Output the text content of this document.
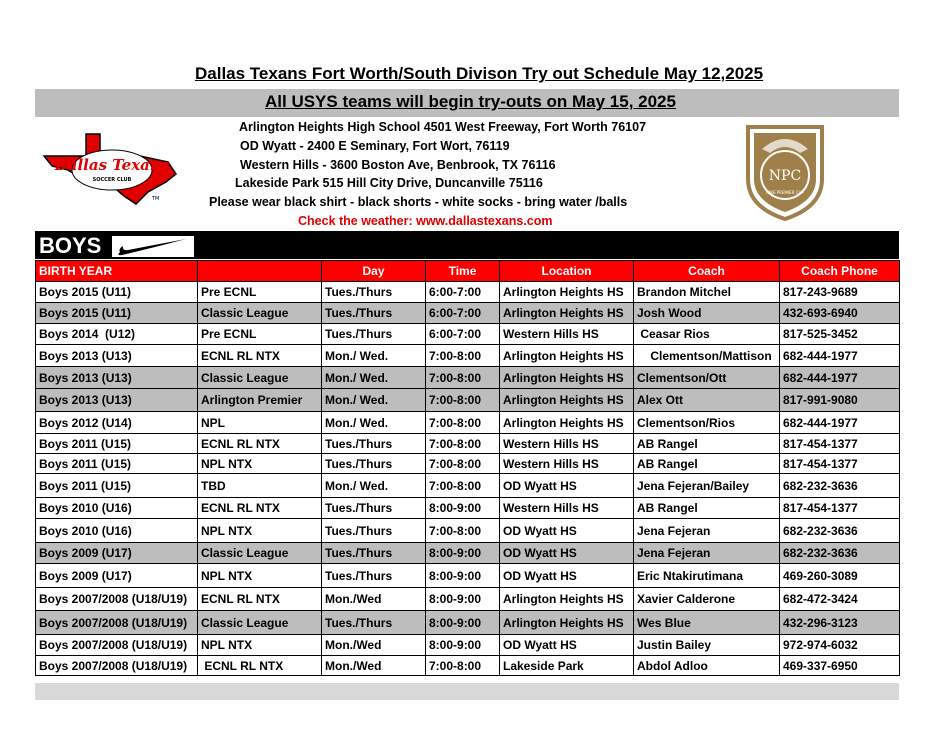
Dallas Texans Fort Worth/South Divison Try out Schedule May 12,2025
All USYS teams will begin try-outs on May 15, 2025
Dallas Texans
SOCCER CLUB
TM
NPC
NIKE PREMIER CUP
Arlington Heights High School 4501 West Freeway, Fort Worth 76107
OD Wyatt - 2400 E Seminary, Fort Wort, 76119
Western Hills - 3600 Boston Ave, Benbrook, TX 76116
Lakeside Park 515 Hill City Drive, Duncanville 75116
Please wear black shirt - black shorts - white socks - bring water /balls
Check the weather: www.dallastexans.com
BOYS
BIRTH YEAR		Day	Time	Location	Coach	Coach Phone
Boys 2015 (U11)	Pre ECNL	Tues./Thurs	6:00-7:00	Arlington Heights HS	Brandon Mitchel	817-243-9689
Boys 2015 (U11)	Classic League	Tues./Thurs	6:00-7:00	Arlington Heights HS	Josh Wood	432-693-6940
Boys 2014  (U12)	Pre ECNL	Tues./Thurs	6:00-7:00	Western Hills HS	Ceasar Rios	817-525-3452
Boys 2013 (U13)	ECNL RL NTX	Mon./ Wed.	7:00-8:00	Arlington Heights HS	Clementson/Mattison	682-444-1977
Boys 2013 (U13)	Classic League	Mon./ Wed.	7:00-8:00	Arlington Heights HS	Clementson/Ott	682-444-1977
Boys 2013 (U13)	Arlington Premier	Mon./ Wed.	7:00-8:00	Arlington Heights HS	Alex Ott	817-991-9080
Boys 2012 (U14)	NPL	Mon./ Wed.	7:00-8:00	Arlington Heights HS	Clementson/Rios	682-444-1977
Boys 2011 (U15)	ECNL RL NTX	Tues./Thurs	7:00-8:00	Western Hills HS	AB Rangel	817-454-1377
Boys 2011 (U15)	NPL NTX	Tues./Thurs	7:00-8:00	Western Hills HS	AB Rangel	817-454-1377
Boys 2011 (U15)	TBD	Mon./ Wed.	7:00-8:00	OD Wyatt HS	Jena Fejeran/Bailey	682-232-3636
Boys 2010 (U16)	ECNL RL NTX	Tues./Thurs	8:00-9:00	Western Hills HS	AB Rangel	817-454-1377
Boys 2010 (U16)	NPL NTX	Tues./Thurs	7:00-8:00	OD Wyatt HS	Jena Fejeran	682-232-3636
Boys 2009 (U17)	Classic League	Tues./Thurs	8:00-9:00	OD Wyatt HS	Jena Fejeran	682-232-3636
Boys 2009 (U17)	NPL NTX	Tues./Thurs	8:00-9:00	OD Wyatt HS	Eric Ntakirutimana	469-260-3089
Boys 2007/2008 (U18/U19)	ECNL RL NTX	Mon./Wed	8:00-9:00	Arlington Heights HS	Xavier Calderone	682-472-3424
Boys 2007/2008 (U18/U19)	Classic League	Tues./Thurs	8:00-9:00	Arlington Heights HS	Wes Blue	432-296-3123
Boys 2007/2008 (U18/U19)	NPL NTX	Mon./Wed	8:00-9:00	OD Wyatt HS	Justin Bailey	972-974-6032
Boys 2007/2008 (U18/U19)	ECNL RL NTX	Mon./Wed	7:00-8:00	Lakeside Park	Abdol Adloo	469-337-6950
